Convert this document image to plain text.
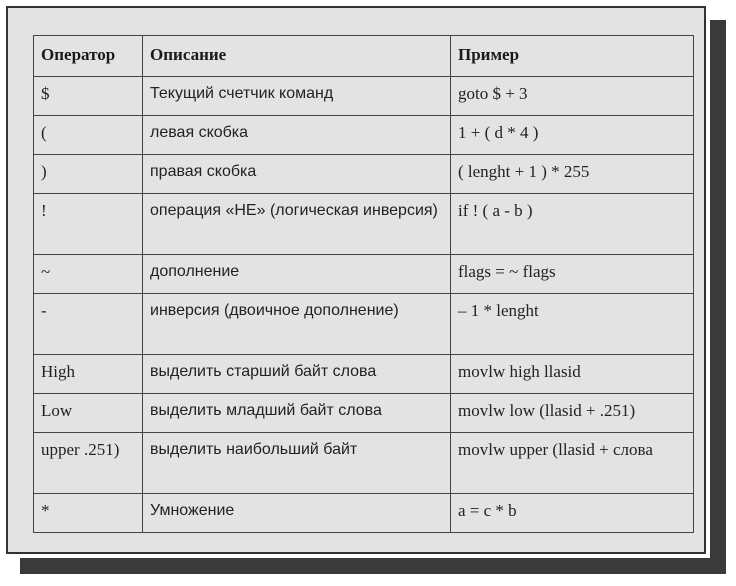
Оператор	Описание	Пример
$	Текущий счетчик команд	goto $ + 3
(	левая скобка	1 + ( d * 4 )
)	правая скобка	( lenght + 1 ) * 255
!	операция «НЕ» (логическая инверсия)	if ! ( a - b )
~	дополнение	flags = ~ flags
-	инверсия (двоичное дополнение)	– 1 * lenght
High	выделить старший байт слова	movlw high llasid
Low	выделить младший байт слова	movlw low (llasid + .251)
upper .251)	выделить наибольший байт	movlw upper (llasid + слова
*	Умножение	a = c * b
